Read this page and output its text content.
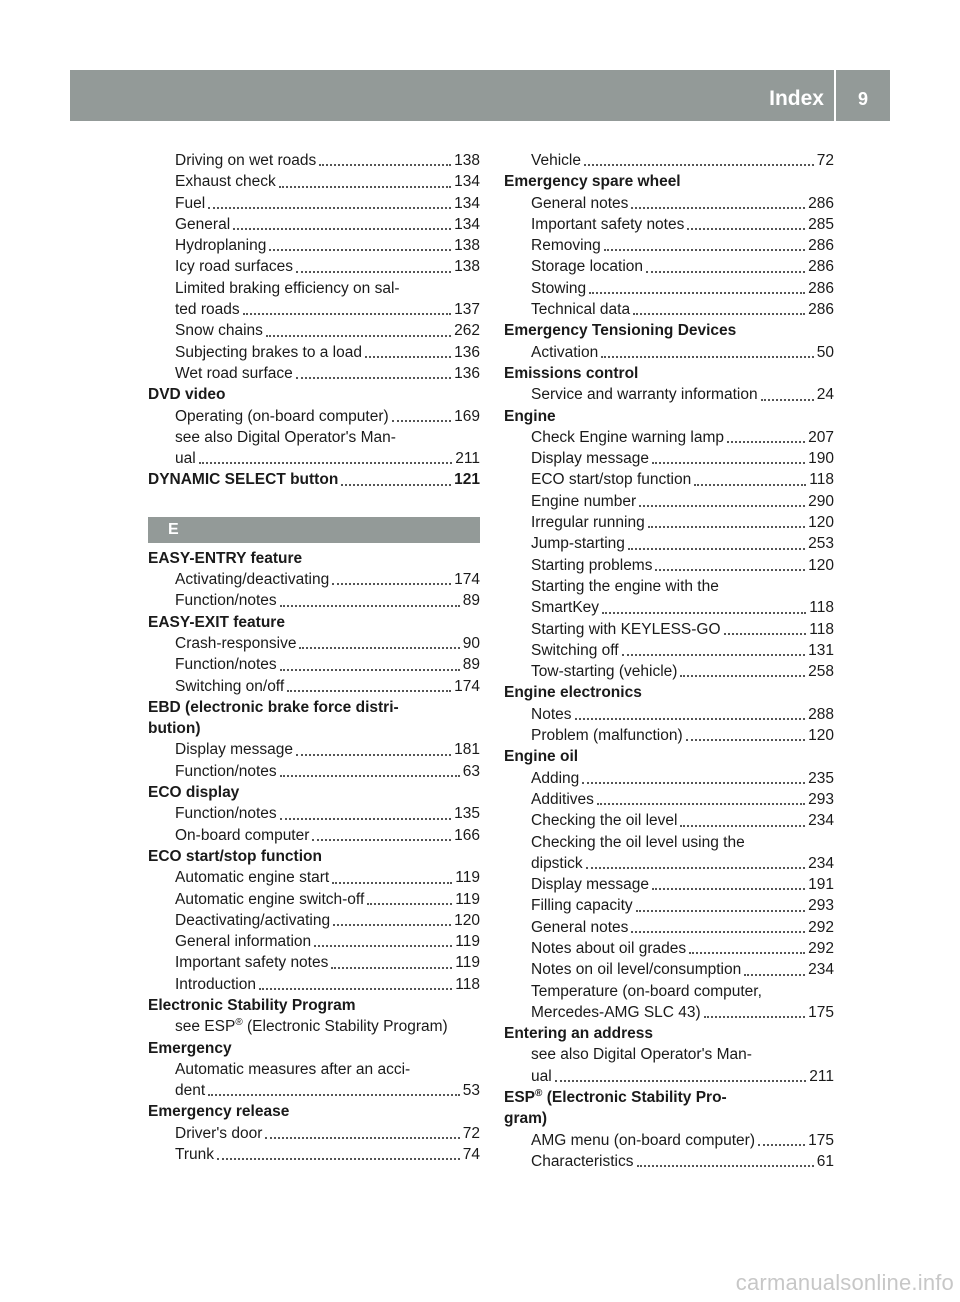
Index	9
Driving on wet roads	138
Exhaust check	134
Fuel	134
General	134
Hydroplaning	138
Icy road surfaces	138
Limited braking efficiency on sal-
ted roads	137
Snow chains	262
Subjecting brakes to a load	136
Wet road surface	136
DVD video
Operating (on-board computer)	169
see also Digital Operator's Man-
ual	211
DYNAMIC SELECT button	121
E
EASY-ENTRY feature
Activating/deactivating	174
Function/notes	89
EASY-EXIT feature
Crash-responsive	90
Function/notes	89
Switching on/off	174
EBD (electronic brake force distri-
bution)
Display message	181
Function/notes	63
ECO display
Function/notes	135
On-board computer	166
ECO start/stop function
Automatic engine start	119
Automatic engine switch-off	119
Deactivating/activating	120
General information	119
Important safety notes	119
Introduction	118
Electronic Stability Program
see ESP® (Electronic Stability Program)
Emergency
Automatic measures after an acci-
dent	53
Emergency release
Driver's door	72
Trunk	74
Vehicle	72
Emergency spare wheel
General notes	286
Important safety notes	285
Removing	286
Storage location	286
Stowing	286
Technical data	286
Emergency Tensioning Devices
Activation	50
Emissions control
Service and warranty information	24
Engine
Check Engine warning lamp	207
Display message	190
ECO start/stop function	118
Engine number	290
Irregular running	120
Jump-starting	253
Starting problems	120
Starting the engine with the
SmartKey	118
Starting with KEYLESS-GO	118
Switching off	131
Tow-starting (vehicle)	258
Engine electronics
Notes	288
Problem (malfunction)	120
Engine oil
Adding	235
Additives	293
Checking the oil level	234
Checking the oil level using the
dipstick	234
Display message	191
Filling capacity	293
General notes	292
Notes about oil grades	292
Notes on oil level/consumption	234
Temperature (on-board computer,
Mercedes-AMG SLC 43)	175
Entering an address
see also Digital Operator's Man-
ual	211
ESP® (Electronic Stability Pro-
gram)
AMG menu (on-board computer)	175
Characteristics	61
carmanualsonline.info
